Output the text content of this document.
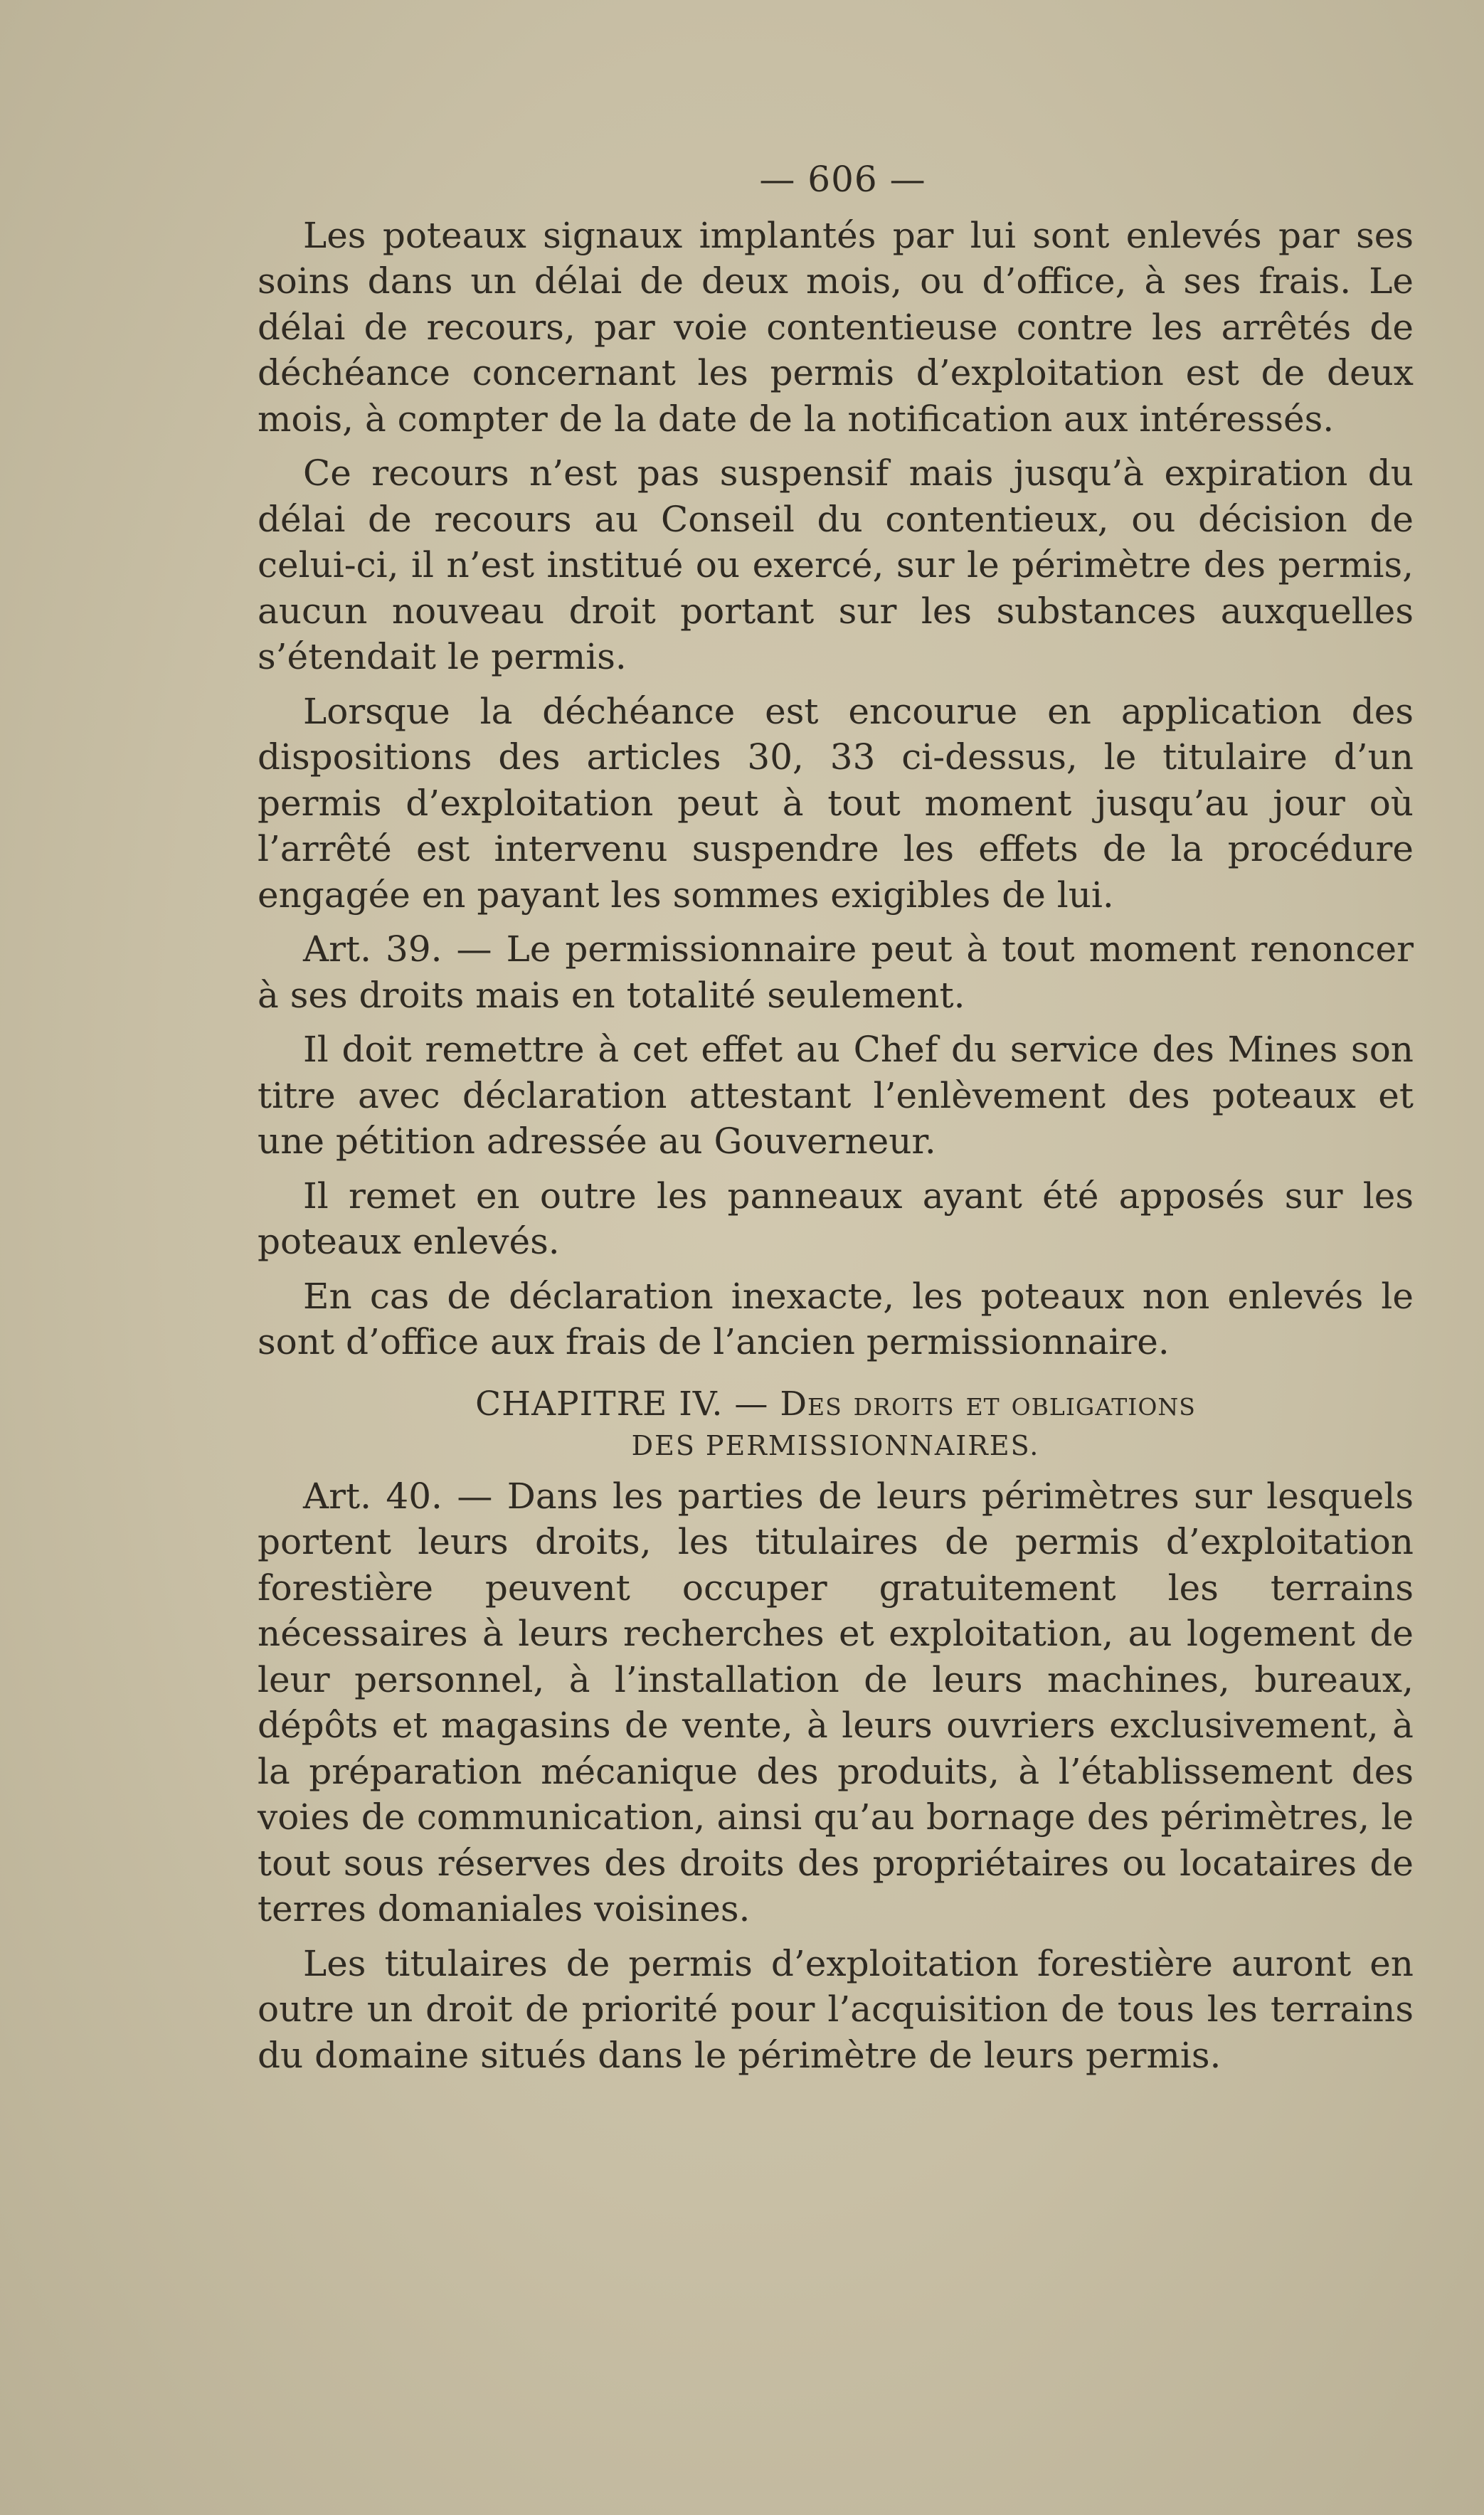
— 606 —

Les poteaux signaux implantés par lui sont enlevés par ses soins dans un délai de deux mois, ou d’office, à ses frais. Le délai de recours, par voie contentieuse contre les arrêtés de déchéance concernant les permis d’exploitation est de deux mois, à compter de la date de la notification aux intéressés.

Ce recours n’est pas suspensif mais jusqu’à expiration du délai de recours au Conseil du contentieux, ou décision de celui-ci, il n’est institué ou exercé, sur le périmètre des permis, aucun nouveau droit portant sur les substances auxquelles s’étendait le permis.

Lorsque la déchéance est encourue en application des dispositions des articles 30, 33 ci-dessus, le titulaire d’un permis d’exploitation peut à tout moment jusqu’au jour où l’arrêté est intervenu suspendre les effets de la procédure engagée en payant les sommes exigibles de lui.

Art. 39. — Le permissionnaire peut à tout moment renoncer à ses droits mais en totalité seulement.

Il doit remettre à cet effet au Chef du service des Mines son titre avec déclaration attestant l’enlèvement des poteaux et une pétition adressée au Gouverneur.

Il remet en outre les panneaux ayant été apposés sur les poteaux enlevés.

En cas de déclaration inexacte, les poteaux non enlevés le sont d’office aux frais de l’ancien permissionnaire.

CHAPITRE IV. — Des droits et obligations
DES PERMISSIONNAIRES.

Art. 40. — Dans les parties de leurs périmètres sur lesquels portent leurs droits, les titulaires de permis d’exploitation forestière peuvent occuper gratuitement les terrains nécessaires à leurs recherches et exploitation, au logement de leur personnel, à l’installation de leurs machines, bureaux, dépôts et magasins de vente, à leurs ouvriers exclusivement, à la préparation mécanique des produits, à l’établissement des voies de communication, ainsi qu’au bornage des périmètres, le tout sous réserves des droits des propriétaires ou locataires de terres domaniales voisines.

Les titulaires de permis d’exploitation forestière auront en outre un droit de priorité pour l’acquisition de tous les terrains du domaine situés dans le périmètre de leurs permis.
